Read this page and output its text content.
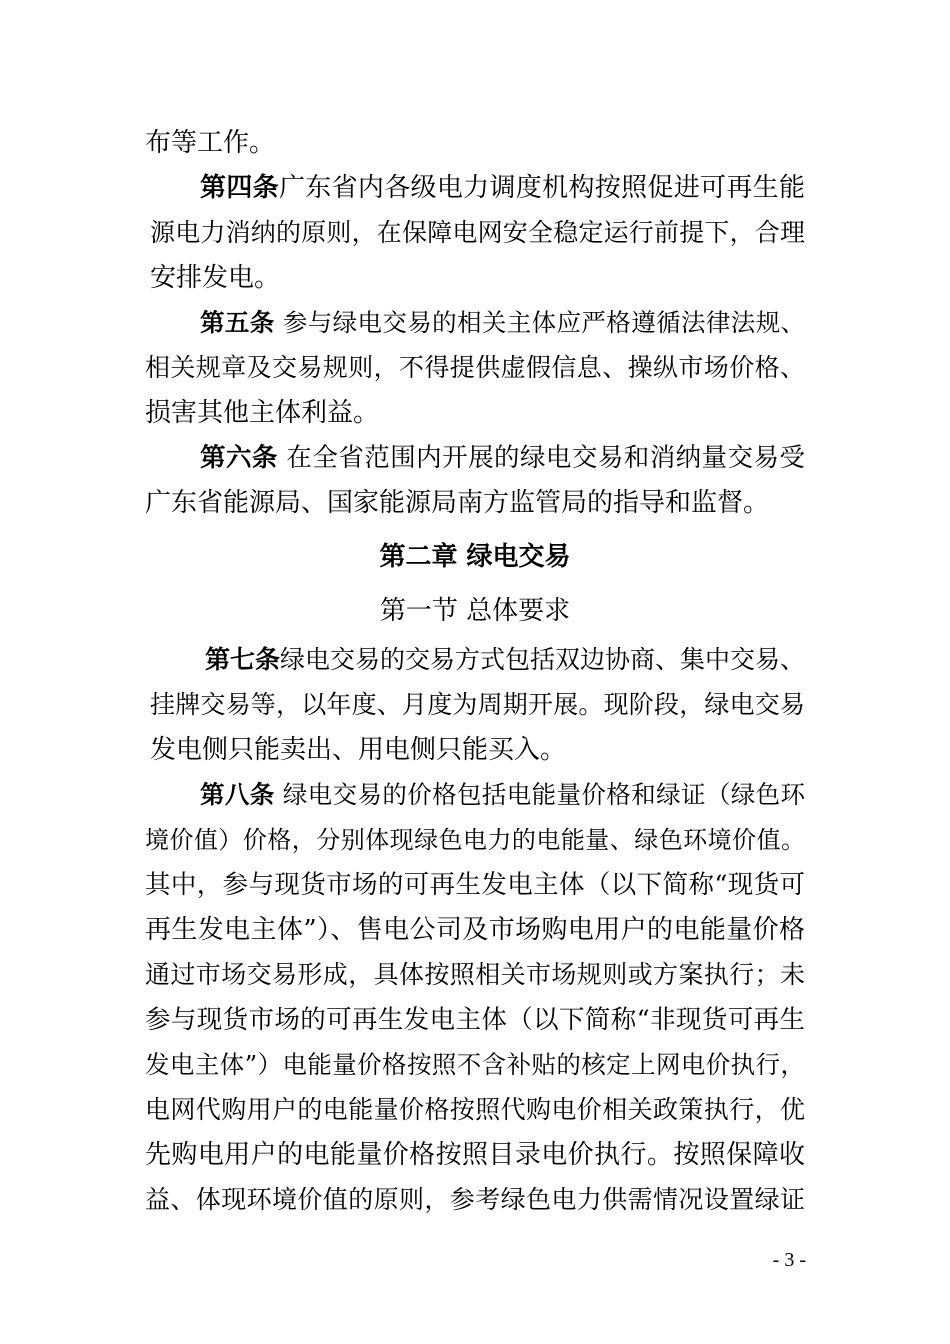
布等工作。
第四条广东省内各级电力调度机构按照促进可再生能
源电力消纳的原则，在保障电网安全稳定运行前提下，合理
安排发电。
第五条 参与绿电交易的相关主体应严格遵循法律法规、
相关规章及交易规则，不得提供虚假信息、操纵市场价格、
损害其他主体利益。
第六条 在全省范围内开展的绿电交易和消纳量交易受
广东省能源局、国家能源局南方监管局的指导和监督。
第二章 绿电交易
第一节 总体要求
第七条绿电交易的交易方式包括双边协商、集中交易、
挂牌交易等，以年度、月度为周期开展。现阶段，绿电交易
发电侧只能卖出、用电侧只能买入。
第八条 绿电交易的价格包括电能量价格和绿证（绿色环
境价值）价格，分别体现绿色电力的电能量、绿色环境价值。
其中，参与现货市场的可再生发电主体（以下简称“现货可
再生发电主体”）、售电公司及市场购电用户的电能量价格
通过市场交易形成，具体按照相关市场规则或方案执行；未
参与现货市场的可再生发电主体（以下简称“非现货可再生
发电主体”）电能量价格按照不含补贴的核定上网电价执行，
电网代购用户的电能量价格按照代购电价相关政策执行，优
先购电用户的电能量价格按照目录电价执行。按照保障收
益、体现环境价值的原则，参考绿色电力供需情况设置绿证
- 3 -
